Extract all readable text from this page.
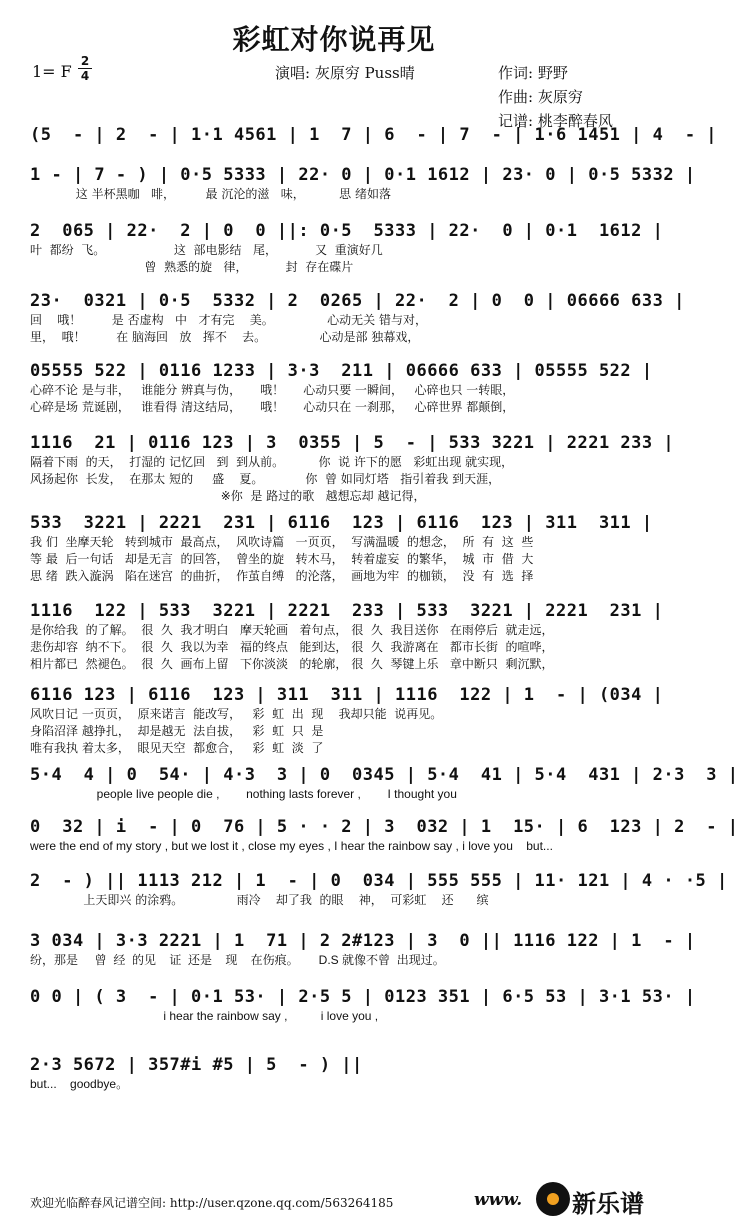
彩虹对你说再见
1= F
2
4	演唱: 灰原穷 Puss晴	作词: 野野
作曲: 灰原穷
记谱: 桃李醉春风
(5  - | 2  - | 1·1 4561 | 1  7 | 6  - | 7  - | 1·6 1451 | 4  - |
1 - | 7 - ) | 0·5 5333 | 22· 0 | 0·1 1612 | 23· 0 | 0·5 5332 |
这 半杯黑咖   啡，        最 沉沦的滋   味，         思 绪如落
2  065 | 22·  2 | 0  0 ||: 0·5  5333 | 22·  0 | 0·1  1612 |
叶  都纷  飞。                  这  部电影结   尾，          又  重演好几
曾  熟悉的旋   律，          封  存在碟片
23·  0321 | 0·5  5332 | 2  0265 | 22·  2 | 0  0 | 06666 633 |
回    哦！        是 否虚构   中   才有完    美。              心动无关 错与对，
里，  哦！        在 脑海回   放   挥不    去。              心动是部 独幕戏，
05555 522 | 0116 1233 | 3·3  211 | 06666 633 | 05555 522 |
心碎不论 是与非，   谁能分 辨真与伪，     哦！     心动只要 一瞬间，   心碎也只 一转眼，
心碎是场 荒诞剧，   谁看得 清这结局，     哦！     心动只在 一刹那，   心碎世界 都颠倒，
1116  21 | 0116 123 | 3  0355 | 5  - | 533 3221 | 2221 233 |
隔着下雨  的天，  打湿的 记忆回   到  到从前。         你  说 许下的愿   彩虹出现 就实现，
风扬起你  长发，  在那太 短的     盛    夏。           你  曾 如同灯塔   指引着我 到天涯，
※你  是 路过的歌   越想忘却 越记得，
533  3221 | 2221  231 | 6116  123 | 6116  123 | 311  311 |
我 们  坐摩天轮   转到城市  最高点，  风吹诗篇   一页页，  写满温暖  的想念，  所  有  这  些
等 最  后一句话   却是无言  的回答，  曾坐的旋   转木马，  转着虚妄  的繁华，  城  市  借  大
思 绪  跌入漩涡   陷在迷宫  的曲折，  作茧自缚   的沦落，  画地为牢  的枷锁，  没  有  选  择
1116  122 | 533  3221 | 2221  233 | 533  3221 | 2221  231 |
是你给我  的了解。  很  久  我才明白   摩天轮画   着句点， 很  久  我目送你   在雨停后  就走远，
悲伤却容  纳不下。  很  久  我以为幸   福的终点   能到达， 很  久  我游离在   都市长街  的喧哗，
相片都已  然褪色。  很  久  画布上留   下你淡淡   的轮廓， 很  久  琴键上乐   章中断只  剩沉默，
6116 123 | 6116  123 | 311  311 | 1116  122 | 1  - | (034 |
风吹日记 一页页，  原来诺言  能改写，   彩  虹  出  现    我却只能  说再见。
身陷沼泽 越挣扎，  却是越无  法自拔，   彩  虹  只  是
唯有我执 着太多，  眼见天空  都愈合，   彩  虹  淡  了
5·4  4 | 0  54· | 4·3  3 | 0  0345 | 5·4  41 | 5·4  431 | 2·3  3 |
people live people die ,        nothing lasts forever ,        I thought you
0  32 | i  - | 0  76 | 5 · · 2 | 3  032 | 1  15· | 6  123 | 2  - |
were the end of my story , but we lost it , close my eyes , I hear the rainbow say , i love you    but...
2  - ) || 1113 212 | 1  - | 0  034 | 555 555 | 11· 121 | 4 · ·5 |
上天即兴 的涂鸦。              雨冷    却了我  的眼    神，  可彩虹    还      缤
3 034 | 3·3 2221 | 1  71 | 2 2#123 | 3  0 || 1116 122 | 1  - |
纷，那是     曾  经  的见    证  还是    现    在伤痕。      D.S 就像不曾  出现过。
0 0 | ( 3  - | 0·1 53· | 2·5 5 | 0123 351 | 6·5 53 | 3·1 53· |
i hear the rainbow say ,          i love you ,
2·3 5672 | 357#i #5 | 5  - ) ||
but...    goodbye。
欢迎光临醉春风记谱空间: http://user.qzone.qq.com/563264185	www. 新乐谱
